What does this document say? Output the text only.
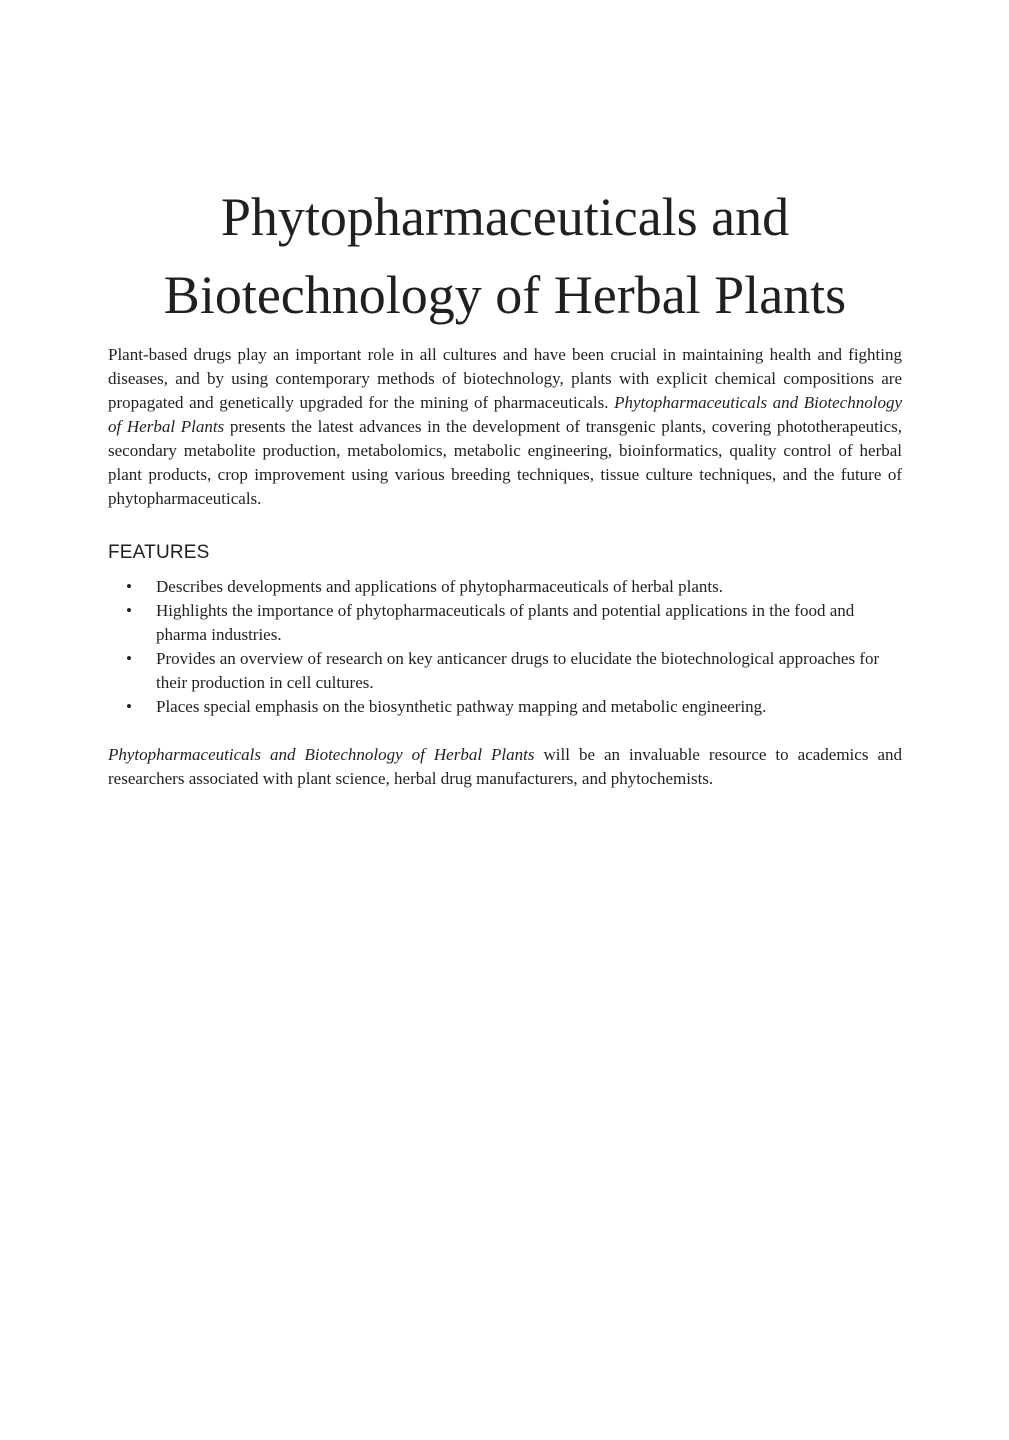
Phytopharmaceuticals and
Biotechnology of Herbal Plants

Plant-based drugs play an important role in all cultures and have been crucial in maintaining health and fighting diseases, and by using contemporary methods of biotechnology, plants with explicit chemical compositions are propagated and genetically upgraded for the mining of pharmaceuticals. Phytopharmaceuticals and Biotechnology of Herbal Plants presents the latest advances in the development of transgenic plants, covering phototherapeutics, secondary metabolite production, metabolomics, metabolic engineering, bioinformatics, quality control of herbal plant products, crop improvement using various breeding techniques, tissue culture techniques, and the future of phytopharmaceuticals.

FEATURES
• Describes developments and applications of phytopharmaceuticals of herbal plants.
• Highlights the importance of phytopharmaceuticals of plants and potential applications in the food and pharma industries.
• Provides an overview of research on key anticancer drugs to elucidate the biotechnological approaches for their production in cell cultures.
• Places special emphasis on the biosynthetic pathway mapping and metabolic engineering.

Phytopharmaceuticals and Biotechnology of Herbal Plants will be an invaluable resource to academics and researchers associated with plant science, herbal drug manufacturers, and phytochemists.
